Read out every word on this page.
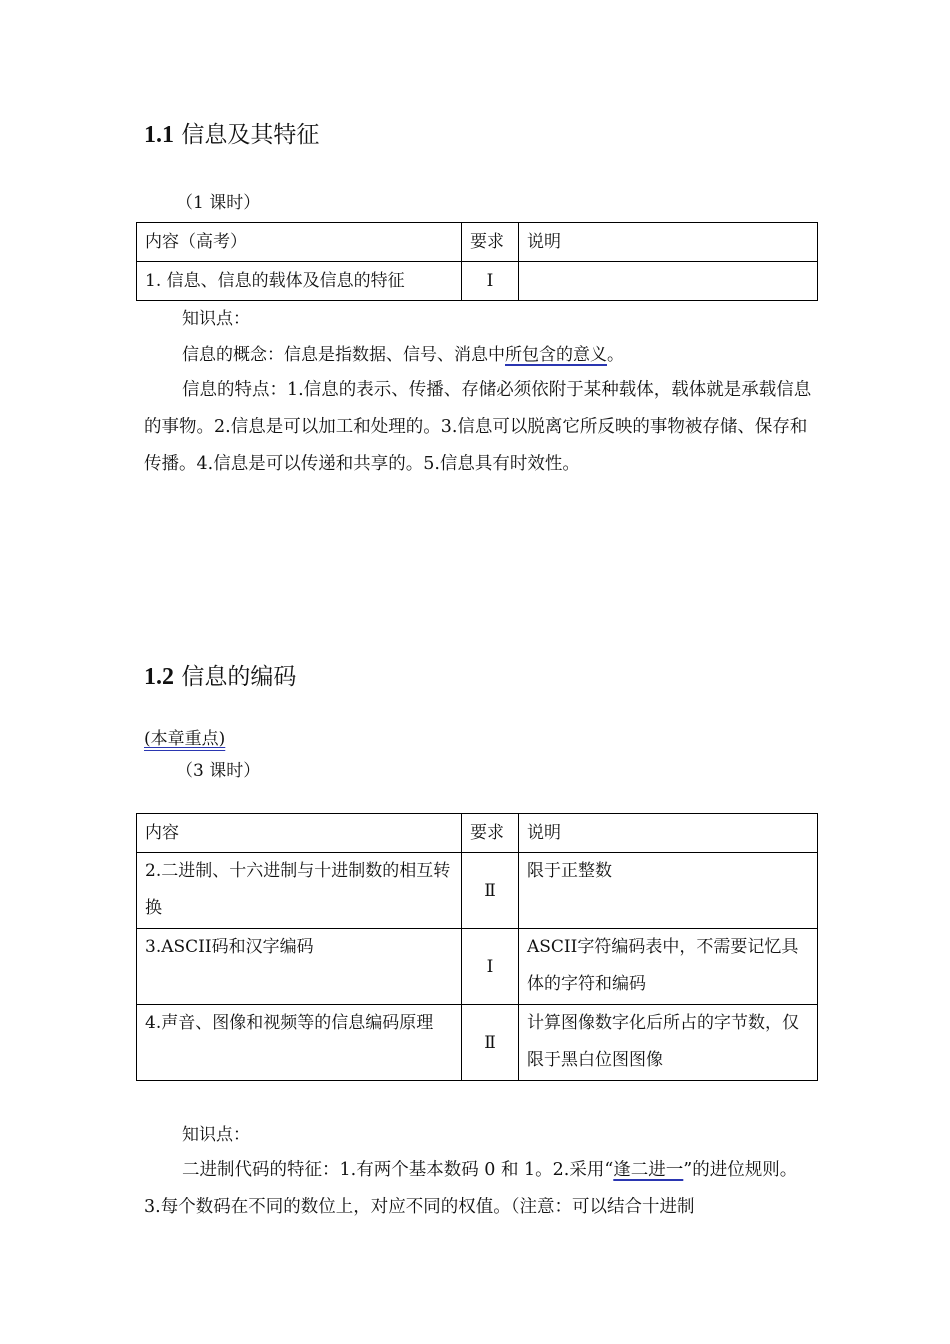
1.1 信息及其特征
（1 课时）
内容（高考）	要求	说明
1. 信息、信息的载体及信息的特征	Ⅰ	
知识点：
信息的概念：信息是指数据、信号、消息中所包含的意义。
信息的特点：1.信息的表示、传播、存储必须依附于某种载体，载体就是承载信息的事物。2.信息是可以加工和处理的。3.信息可以脱离它所反映的事物被存储、保存和传播。4.信息是可以传递和共享的。5.信息具有时效性。
1.2 信息的编码
(本章重点)
（3 课时）
内容	要求	说明
2.二进制、十六进制与十进制数的相互转换	Ⅱ	限于正整数
3.ASCII码和汉字编码	Ⅰ	ASCII字符编码表中，不需要记忆具体的字符和编码
4.声音、图像和视频等的信息编码原理	Ⅱ	计算图像数字化后所占的字节数，仅限于黑白位图图像
知识点：
二进制代码的特征：1.有两个基本数码 0 和 1。2.采用“逢二进一”的进位规则。3.每个数码在不同的数位上，对应不同的权值。（注意：可以结合十进制
